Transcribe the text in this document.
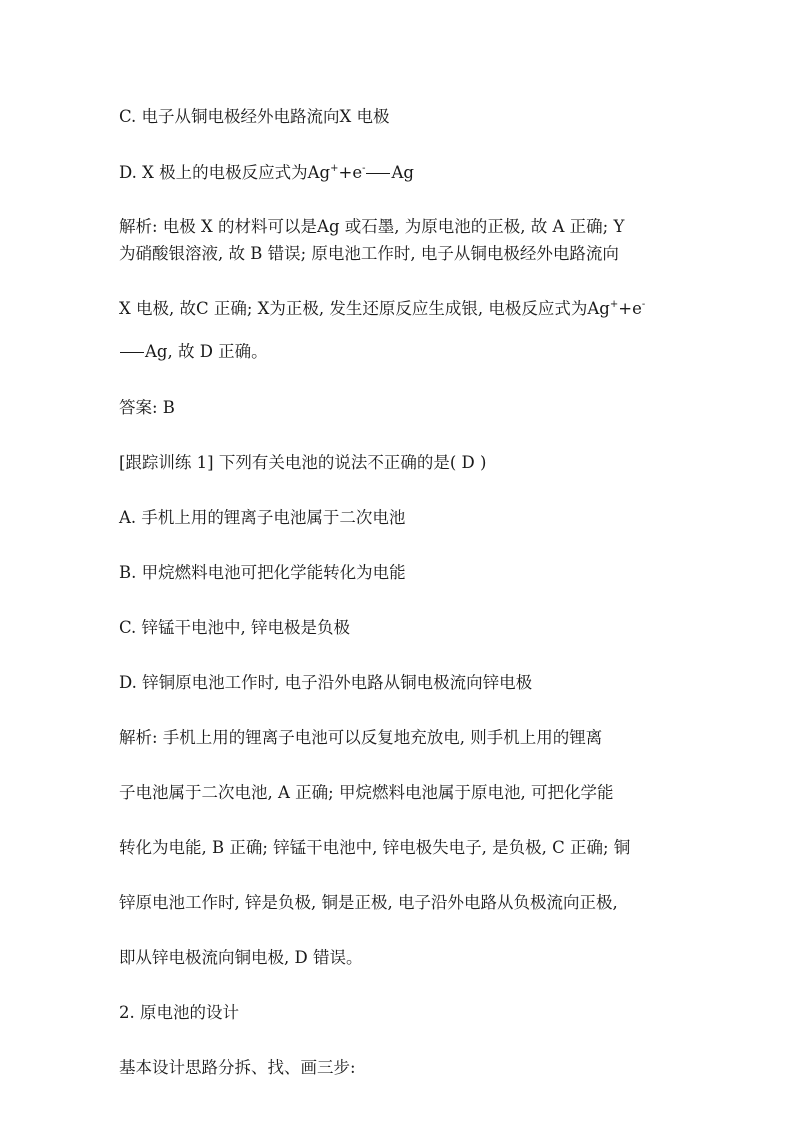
C. 电子从铜电极经外电路流向X 电极
D. X 极上的电极反应式为Ag++e- Ag
解析: 电极 X 的材料可以是Ag 或石墨, 为原电池的正极, 故 A 正确; Y
为硝酸银溶液, 故 B 错误; 原电池工作时, 电子从铜电极经外电路流向
X 电极, 故C 正确; X为正极, 发生还原反应生成银, 电极反应式为Ag++e-
Ag, 故 D 正确。
答案: B
[跟踪训练 1] 下列有关电池的说法不正确的是( D )
A. 手机上用的锂离子电池属于二次电池
B. 甲烷燃料电池可把化学能转化为电能
C. 锌锰干电池中, 锌电极是负极
D. 锌铜原电池工作时, 电子沿外电路从铜电极流向锌电极
解析: 手机上用的锂离子电池可以反复地充放电, 则手机上用的锂离
子电池属于二次电池, A 正确; 甲烷燃料电池属于原电池, 可把化学能
转化为电能, B 正确; 锌锰干电池中, 锌电极失电子, 是负极, C 正确; 铜
锌原电池工作时, 锌是负极, 铜是正极, 电子沿外电路从负极流向正极,
即从锌电极流向铜电极, D 错误。
2. 原电池的设计
基本设计思路分拆、找、画三步:
